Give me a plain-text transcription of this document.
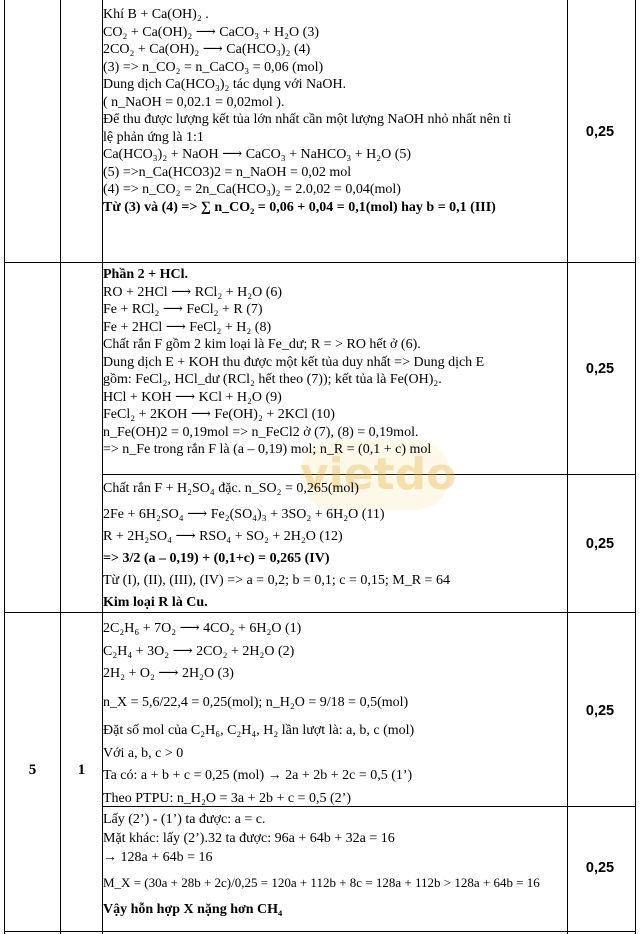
vietdo
Khí B + Ca(OH)₂ .
CO₂ + Ca(OH)₂ ⟶ CaCO₃ + H₂O (3)
2CO₂ + Ca(OH)₂ ⟶ Ca(HCO₃)₂ (4)
(3) => n_CO₂ = n_CaCO₃ = 0,06 (mol)
Dung dịch Ca(HCO₃)₂ tác dụng với NaOH.
( n_NaOH = 0,02.1 = 0,02mol ).
Để thu được lượng kết tủa lớn nhất cần một lượng NaOH nhỏ nhất nên tỉ
lệ phản ứng là 1:1
Ca(HCO₃)₂ + NaOH ⟶ CaCO₃ + NaHCO₃ + H₂O (5)
(5) =>n_Ca(HCO3)2 = n_NaOH = 0,02 mol
(4) => n_CO₂ = 2n_Ca(HCO₃)₂ = 2.0,02 = 0,04(mol)
Từ (3) và (4) => ∑ n_CO₂ = 0,06 + 0,04 = 0,1(mol) hay b = 0,1 (III)
0,25
Phần 2 + HCl.
RO + 2HCl ⟶ RCl₂ + H₂O (6)
Fe + RCl₂ ⟶ FeCl₂ + R (7)
Fe + 2HCl ⟶ FeCl₂ + H₂ (8)
Chất rắn F gồm 2 kim loại là Fe_dư; R = > RO hết ở (6).
Dung dịch E + KOH thu được một kết tủa duy nhất => Dung dịch E
gồm: FeCl₂, HCl_dư (RCl₂ hết theo (7)); kết tủa là Fe(OH)₂.
HCl + KOH ⟶ KCl + H₂O (9)
FeCl₂ + 2KOH ⟶ Fe(OH)₂ + 2KCl (10)
n_Fe(OH)2 = 0,19mol => n_FeCl2 ở (7), (8) = 0,19mol.
=> n_Fe trong rắn F là (a – 0,19) mol; n_R = (0,1 + c) mol
0,25
Chất rắn F + H₂SO₄ đặc. n_SO₂ = 0,265(mol)
2Fe + 6H₂SO₄ ⟶ Fe₂(SO₄)₃ + 3SO₂ + 6H₂O (11)
R + 2H₂SO₄ ⟶ RSO₄ + SO₂ + 2H₂O (12)
=> 3/2 (a – 0,19) + (0,1+c) = 0,265 (IV)
Từ (I), (II), (III), (IV) => a = 0,2; b = 0,1; c = 0,15; M_R = 64
Kim loại R là Cu.
0,25
5	1
2C₂H₆ + 7O₂ ⟶ 4CO₂ + 6H₂O (1)
C₂H₄ + 3O₂ ⟶ 2CO₂ + 2H₂O (2)
2H₂ + O₂ ⟶ 2H₂O (3)
n_X = 5,6/22,4 = 0,25(mol); n_H₂O = 9/18 = 0,5(mol)
Đặt số mol của C₂H₆, C₂H₄, H₂ lần lượt là: a, b, c (mol)
Với a, b, c > 0
Ta có: a + b + c = 0,25 (mol) → 2a + 2b + 2c = 0,5 (1’)
Theo PTPU: n_H₂O = 3a + 2b + c = 0,5 (2’)
0,25
Lấy (2’) - (1’) ta được: a = c.
Mặt khác: lấy (2’).32 ta được: 96a + 64b + 32a = 16
→ 128a + 64b = 16
M_X = (30a + 28b + 2c)/0,25 = 120a + 112b + 8c = 128a + 112b > 128a + 64b = 16
Vậy hỗn hợp X nặng hơn CH₄
0,25
